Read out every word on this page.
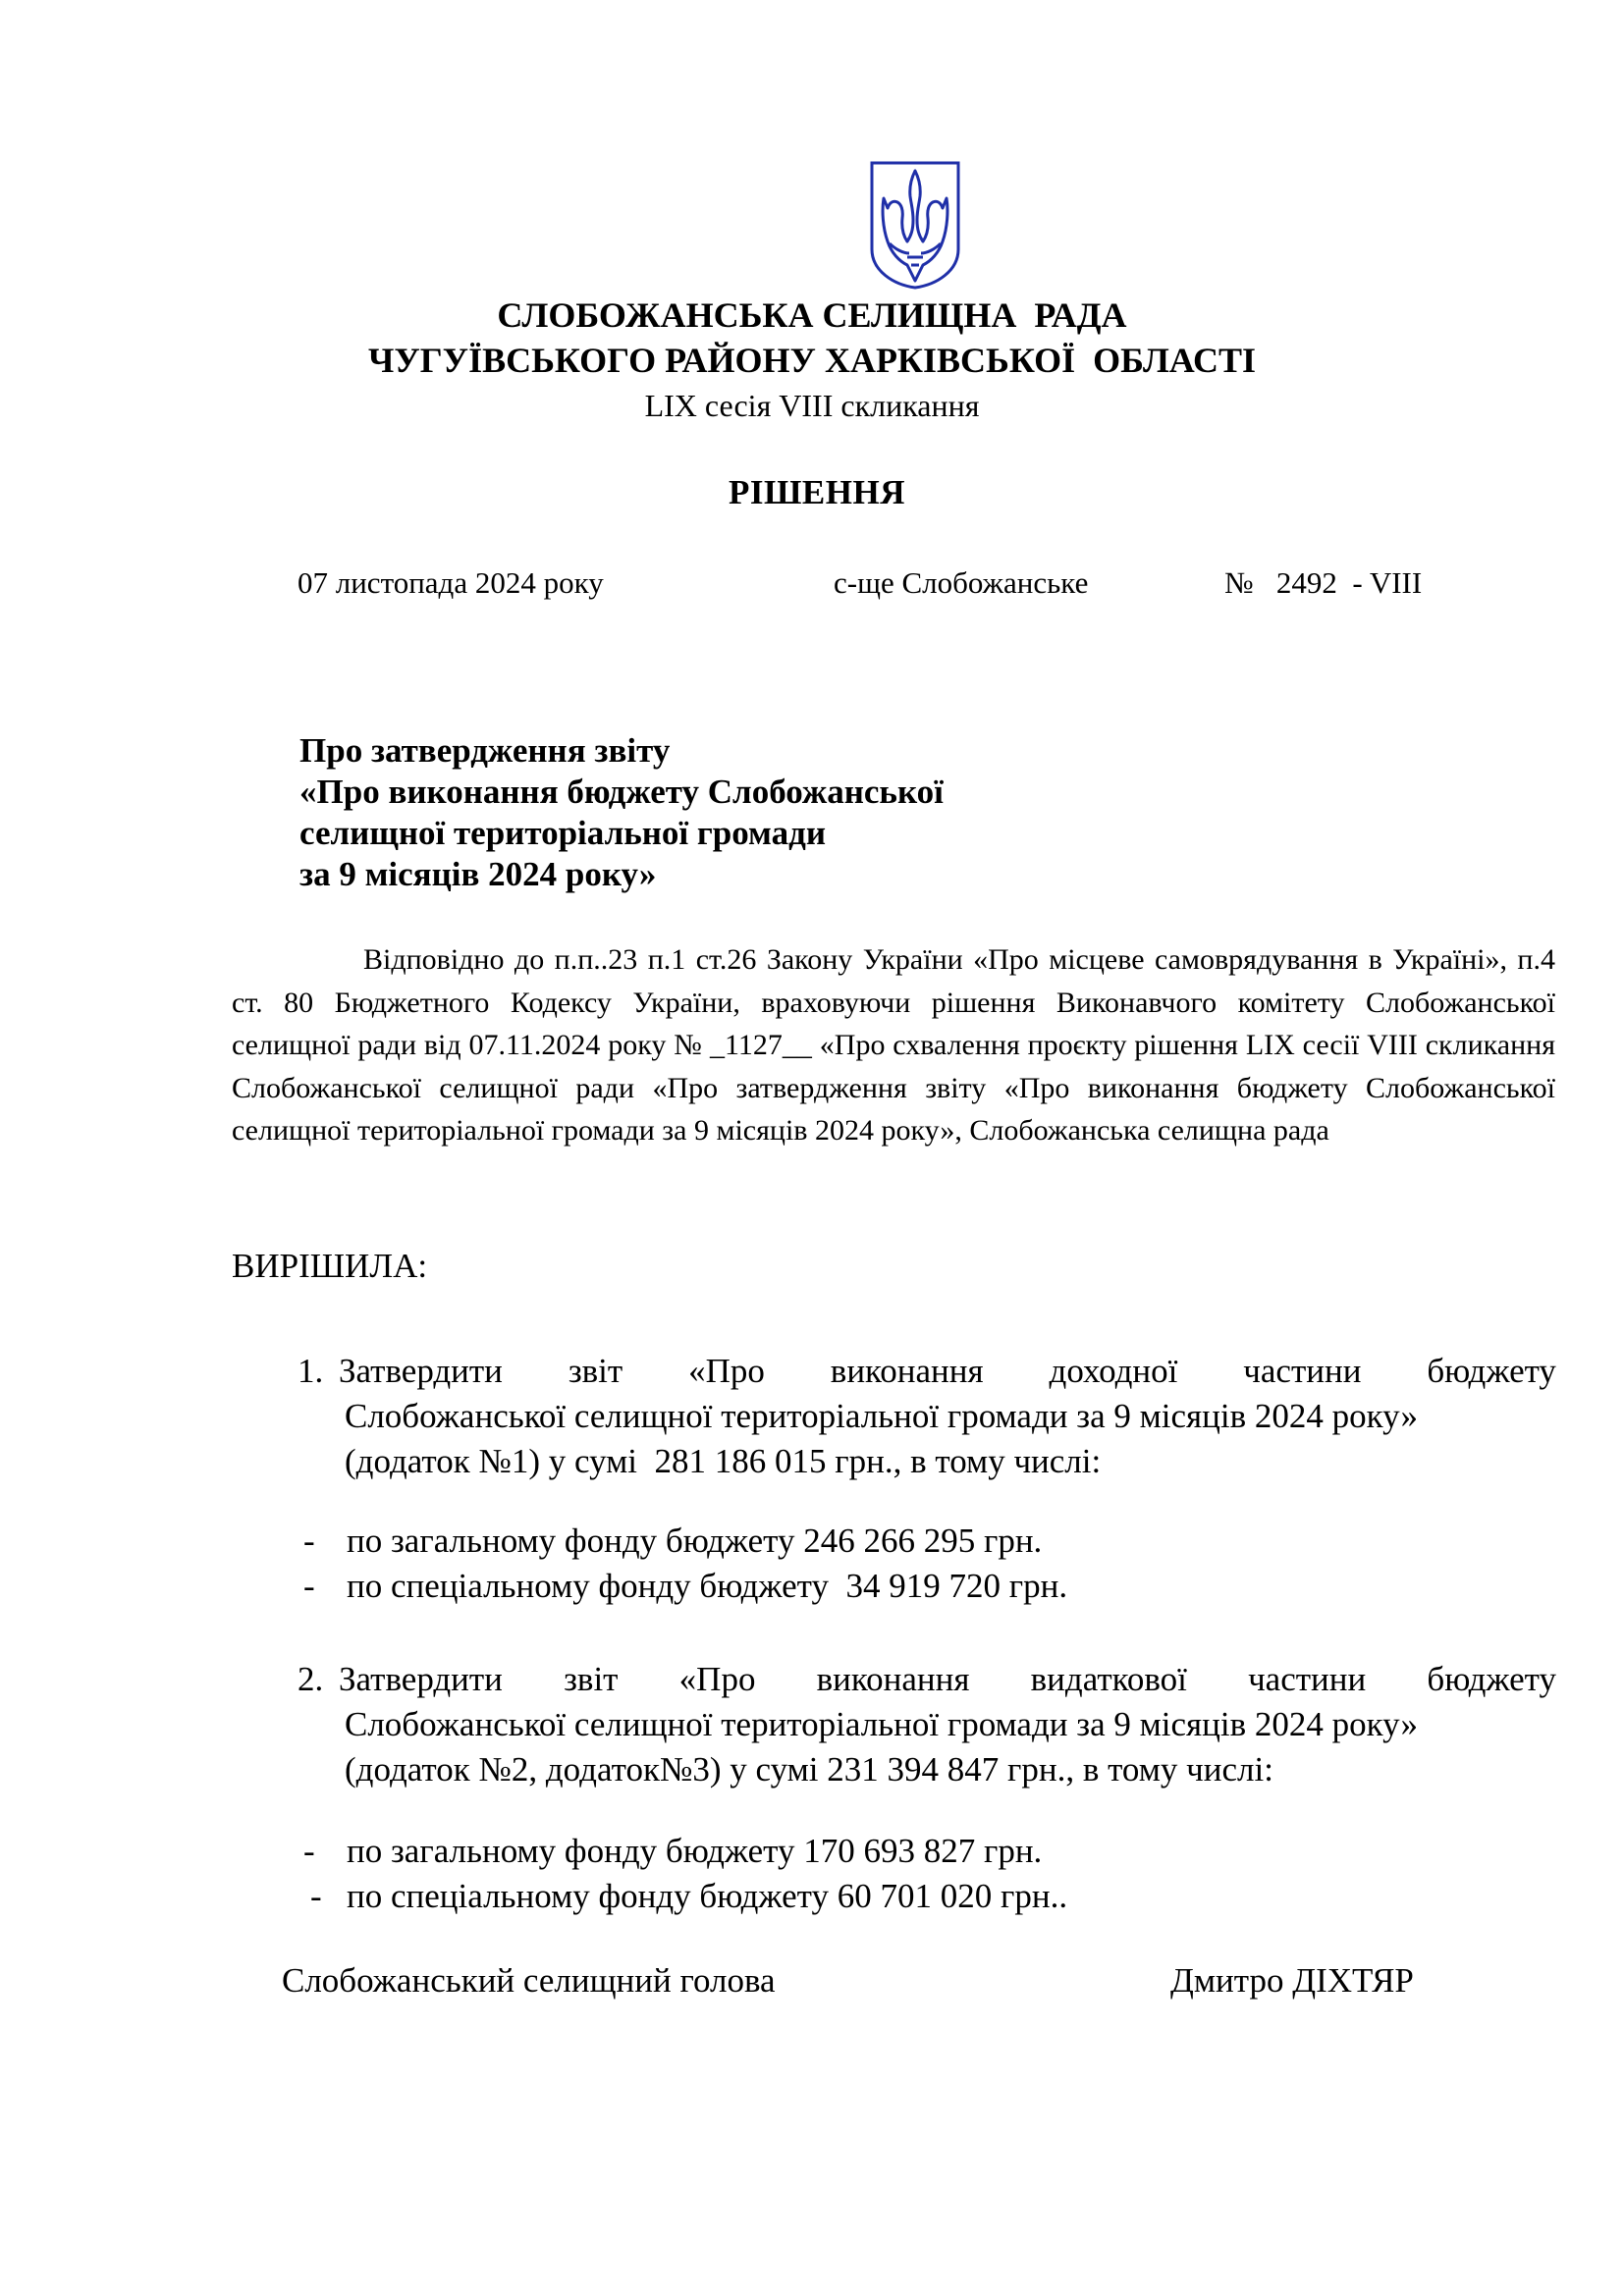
СЛОБОЖАНСЬКА СЕЛИЩНА  РАДА
ЧУГУЇВСЬКОГО РАЙОНУ ХАРКІВСЬКОЇ  ОБЛАСТІ
LIX сесія VIII скликання
РІШЕННЯ
07 листопада 2024 року	с-ще Слобожанське	№   2492  - VIII
Про затвердження звіту
«Про виконання бюджету Слобожанської
селищної територіальної громади
за 9 місяців 2024 року»
Відповідно до п.п..23 п.1 ст.26 Закону України «Про місцеве самоврядування в Україні», п.4 ст. 80 Бюджетного Кодексу України, враховуючи рішення Виконавчого комітету Слобожанської селищної ради від 07.11.2024 року № _1127__ «Про схвалення проєкту рішення LIX сесії VIII скликання Слобожанської селищної ради «Про затвердження звіту «Про виконання бюджету Слобожанської селищної територіальної громади за 9 місяців 2024 року», Слобожанська селищна рада
ВИРІШИЛА:
1. Затвердити звіт «Про виконання доходної частини бюджету
Слобожанської селищної територіальної громади за 9 місяців 2024 року»
(додаток №1) у сумі  281 186 015 грн., в тому числі:

-

по загальному фонду бюджету 246 266 295 грн.

-

по спеціальному фонду бюджету  34 919 720 грн.

2. Затвердити звіт «Про виконання видаткової частини бюджету
Слобожанської селищної територіальної громади за 9 місяців 2024 року»
(додаток №2, додаток№3) у сумі 231 394 847 грн., в тому числі:

-

по загальному фонду бюджету 170 693 827 грн.

-

по спеціальному фонду бюджету 60 701 020 грн..

Слобожанський селищний голова	Дмитро ДІХТЯР
